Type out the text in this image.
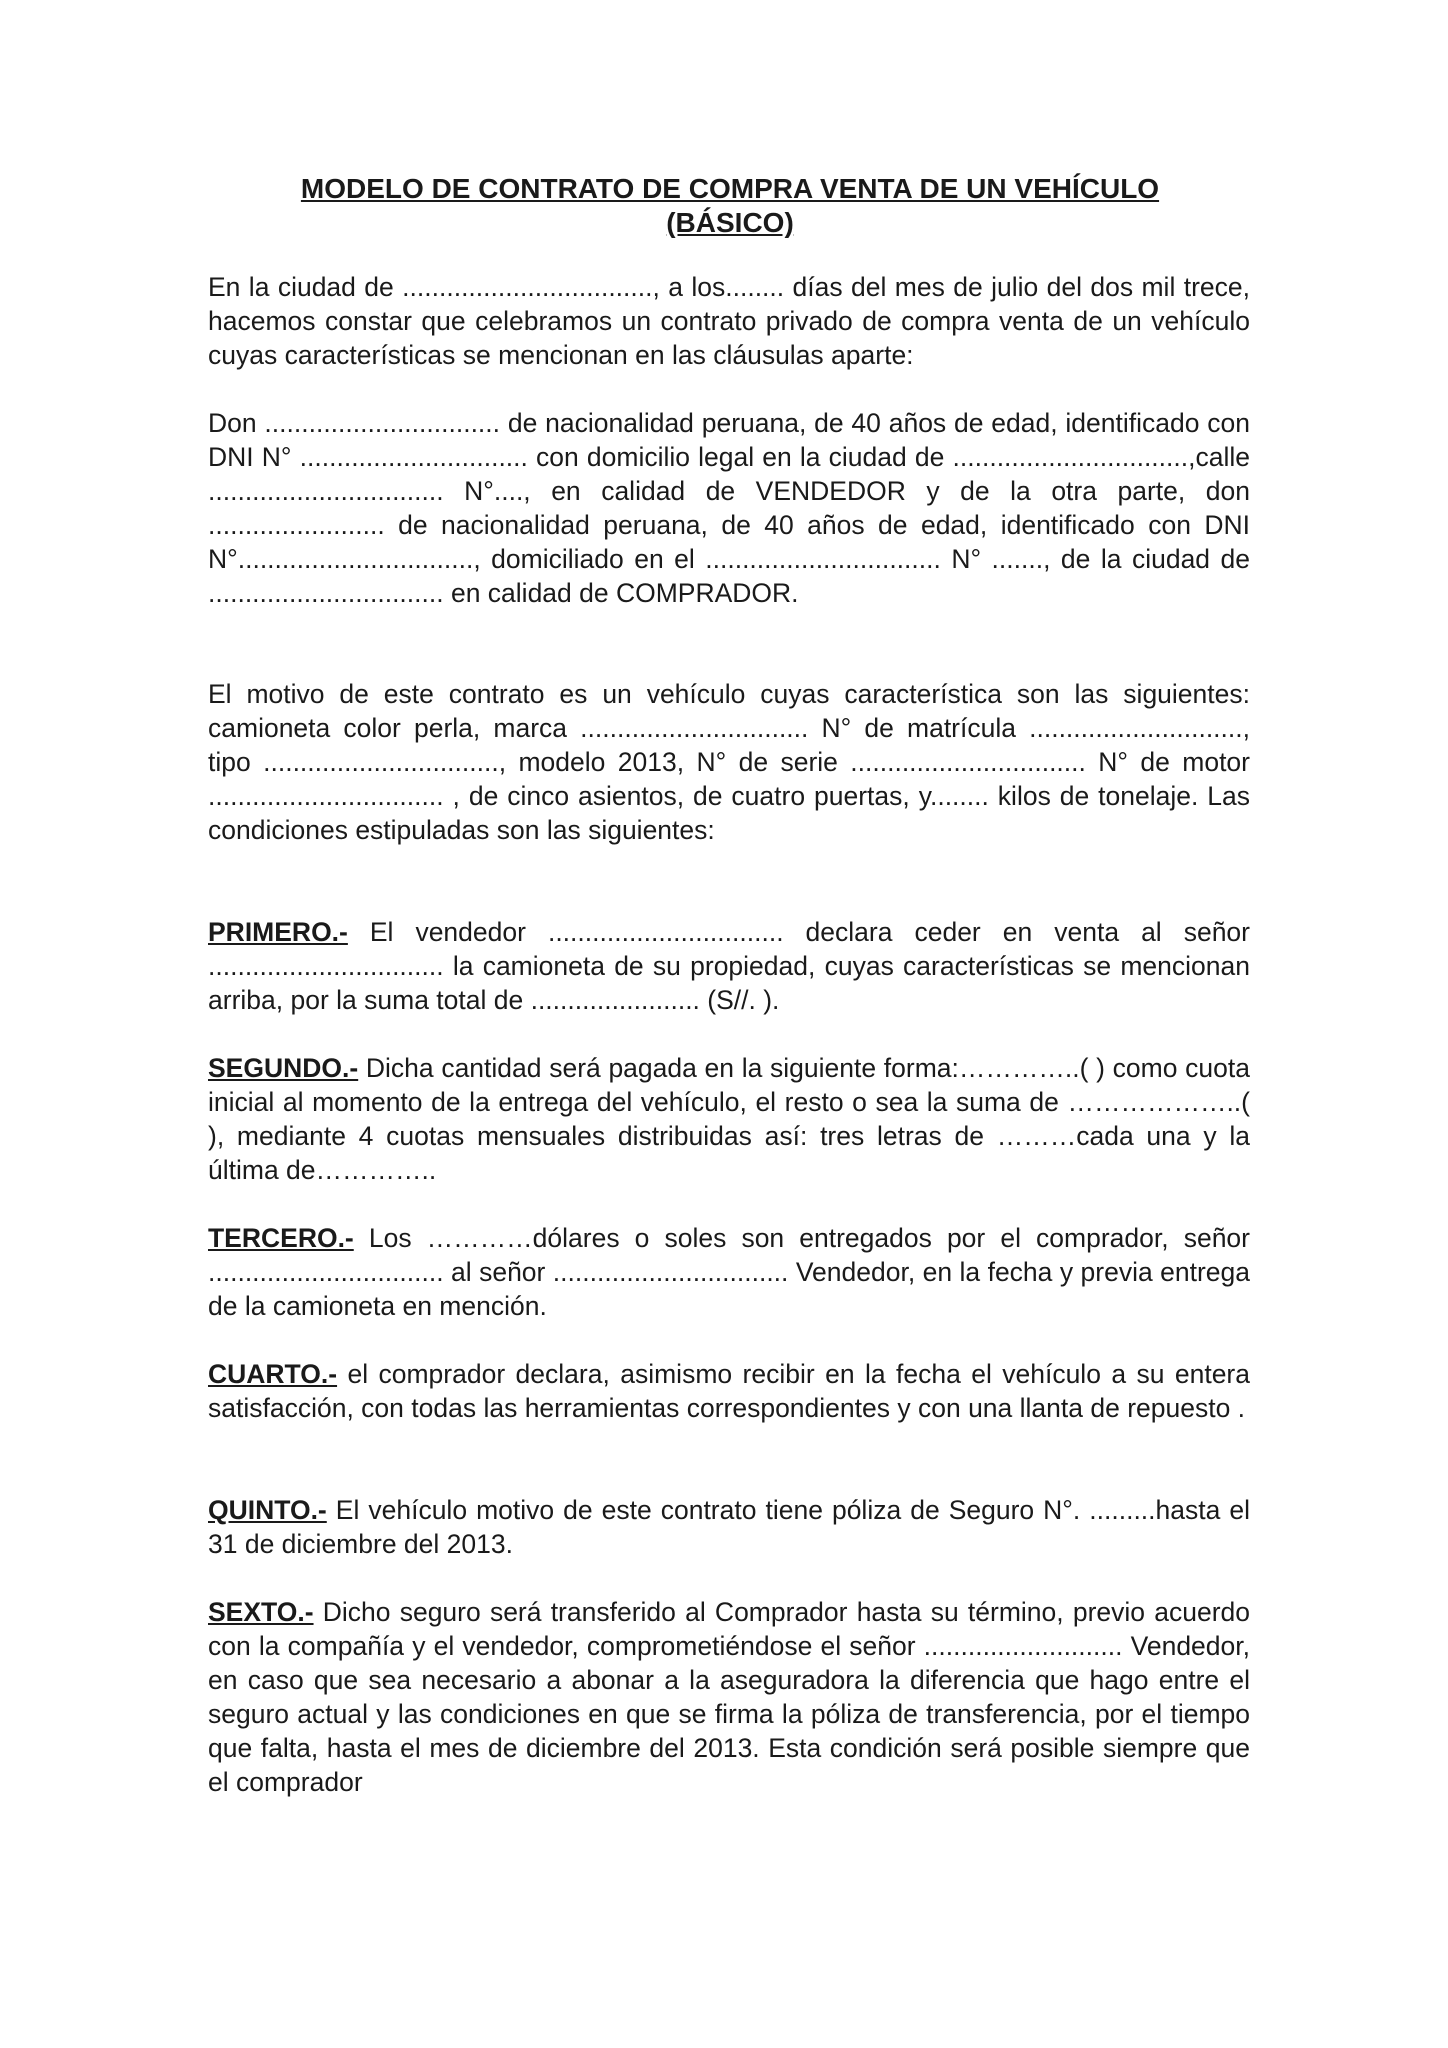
MODELO DE CONTRATO DE COMPRA VENTA DE UN VEHÍCULO
(BÁSICO)
En la ciudad de .................................., a los........ días del mes de julio del dos mil trece, hacemos constar que celebramos un contrato privado de compra venta de un vehículo cuyas características se mencionan en las cláusulas aparte:
Don ................................ de nacionalidad peruana, de 40 años de edad, identificado con DNI N° ............................... con domicilio legal en la ciudad de ................................,calle ................................ N°...., en calidad de VENDEDOR y de la otra parte, don ........................ de nacionalidad peruana, de 40 años de edad, identificado con DNI N°................................, domiciliado en el ................................ N° ......., de la ciudad de ................................ en calidad de COMPRADOR.
El motivo de este contrato es un vehículo cuyas característica son las siguientes: camioneta color perla, marca ............................... N° de matrícula ............................., tipo ................................, modelo 2013, N° de serie ................................ N° de motor ................................ , de cinco asientos, de cuatro puertas, y........ kilos de tonelaje. Las condiciones estipuladas son las siguientes:
PRIMERO.- El vendedor ................................ declara ceder en venta al señor ................................ la camioneta de su propiedad, cuyas características se mencionan arriba, por la suma total de ....................... (S//. ).
SEGUNDO.- Dicha cantidad será pagada en la siguiente forma:…………..( ) como cuota inicial al momento de la entrega del vehículo, el resto o sea la suma de ………………..( ), mediante 4 cuotas mensuales distribuidas así: tres letras de ………cada una y la última de…………..
TERCERO.- Los …………dólares o soles son entregados por el comprador, señor ................................ al señor ................................ Vendedor, en la fecha y previa entrega de la camioneta en mención.
CUARTO.- el comprador declara, asimismo recibir en la fecha el vehículo a su entera satisfacción, con todas las herramientas correspondientes y con una llanta de repuesto .
QUINTO.- El vehículo motivo de este contrato tiene póliza de Seguro N°. .........hasta el 31 de diciembre del 2013.
SEXTO.- Dicho seguro será transferido al Comprador hasta su término, previo acuerdo con la compañía y el vendedor, comprometiéndose el señor ........................... Vendedor, en caso que sea necesario a abonar a la aseguradora la diferencia que hago entre el seguro actual y las condiciones en que se firma la póliza de transferencia, por el tiempo que falta, hasta el mes de diciembre del 2013. Esta condición será posible siempre que el comprador
